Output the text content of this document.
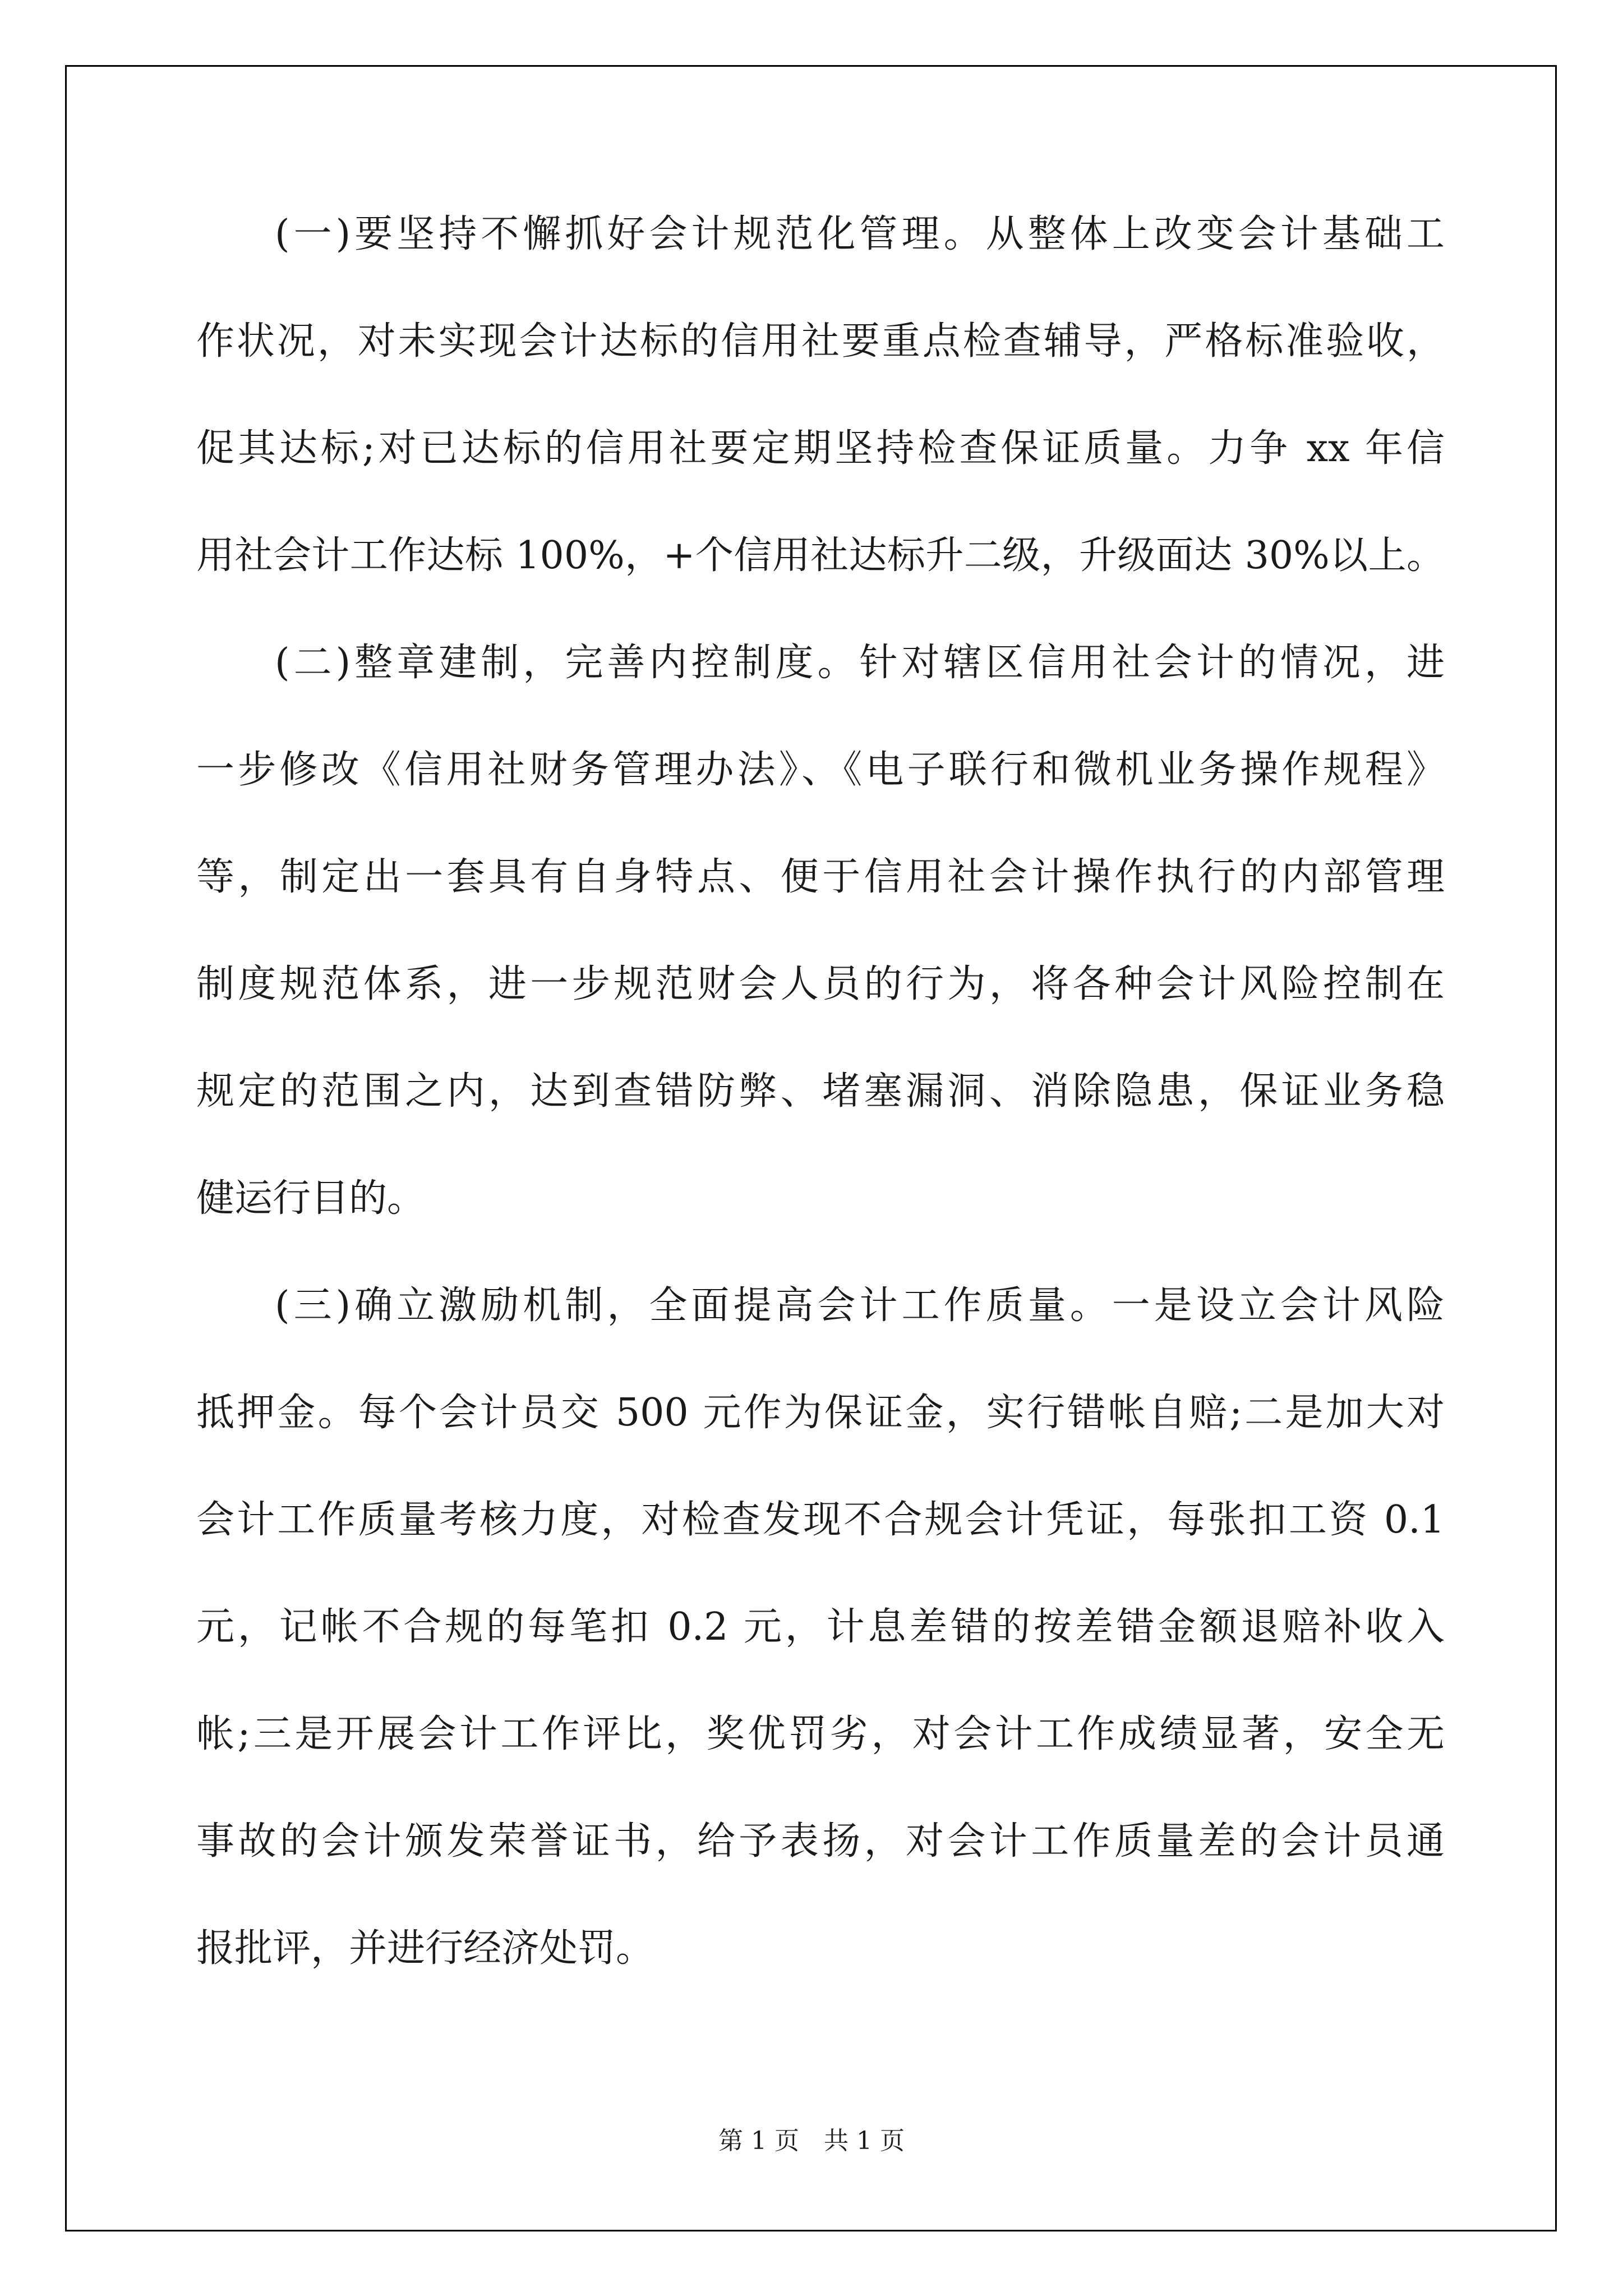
(一)要坚持不懈抓好会计规范化管理。从整体上改变会计基础工
作状况，对未实现会计达标的信用社要重点检查辅导，严格标准验收，
促其达标;对已达标的信用社要定期坚持检查保证质量。力争 xx 年信
用社会计工作达标 100%，+个信用社达标升二级，升级面达 30%以上。
(二)整章建制，完善内控制度。针对辖区信用社会计的情况，进
一步修改《信用社财务管理办法》、《电子联行和微机业务操作规程》
等，制定出一套具有自身特点、便于信用社会计操作执行的内部管理
制度规范体系，进一步规范财会人员的行为，将各种会计风险控制在
规定的范围之内，达到查错防弊、堵塞漏洞、消除隐患，保证业务稳
健运行目的。
(三)确立激励机制，全面提高会计工作质量。一是设立会计风险
抵押金。每个会计员交 500 元作为保证金，实行错帐自赔;二是加大对
会计工作质量考核力度，对检查发现不合规会计凭证，每张扣工资 0.1
元，记帐不合规的每笔扣 0.2 元，计息差错的按差错金额退赔补收入
帐;三是开展会计工作评比，奖优罚劣，对会计工作成绩显著，安全无
事故的会计颁发荣誉证书，给予表扬，对会计工作质量差的会计员通
报批评，并进行经济处罚。
第 1 页　共 1 页
